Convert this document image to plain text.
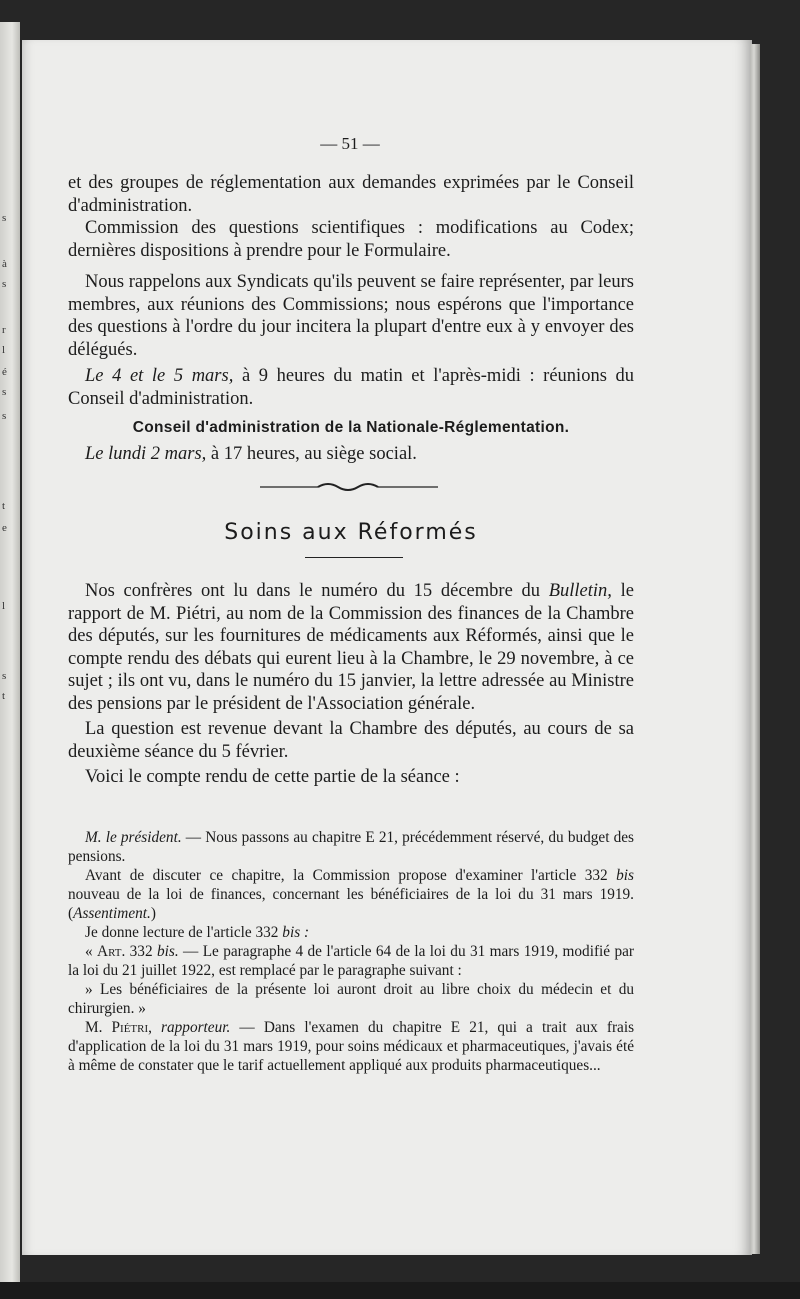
s
à
s
r
l
é
s
s
t
e
l
s
t
— 51 —

et des groupes de réglementation aux demandes exprimées par le Conseil d'administration.

Commission des questions scientifiques : modifications au Codex; dernières dispositions à prendre pour le Formulaire.

Nous rappelons aux Syndicats qu'ils peuvent se faire représenter, par leurs membres, aux réunions des Commissions; nous espérons que l'importance des questions à l'ordre du jour incitera la plupart d'entre eux à y envoyer des délégués.

Le 4 et le 5 mars, à 9 heures du matin et l'après-midi : réunions du Conseil d'administration.

Conseil d'administration de la Nationale-Réglementation.

Le lundi 2 mars, à 17 heures, au siège social.

Soins aux Réformés

Nos confrères ont lu dans le numéro du 15 décembre du Bulletin, le rapport de M. Piétri, au nom de la Commission des finances de la Chambre des députés, sur les fournitures de médicaments aux Réformés, ainsi que le compte rendu des débats qui eurent lieu à la Chambre, le 29 novembre, à ce sujet ; ils ont vu, dans le numéro du 15 janvier, la lettre adressée au Ministre des pensions par le président de l'Association générale.

La question est revenue devant la Chambre des députés, au cours de sa deuxième séance du 5 février.

Voici le compte rendu de cette partie de la séance :

M. le président. — Nous passons au chapitre E 21, précédemment réservé, du budget des pensions.

Avant de discuter ce chapitre, la Commission propose d'examiner l'article 332 bis nouveau de la loi de finances, concernant les bénéficiaires de la loi du 31 mars 1919. (Assentiment.)

Je donne lecture de l'article 332 bis :

« Art. 332 bis. — Le paragraphe 4 de l'article 64 de la loi du 31 mars 1919, modifié par la loi du 21 juillet 1922, est remplacé par le paragraphe suivant :

» Les bénéficiaires de la présente loi auront droit au libre choix du médecin et du chirurgien. »

M. Piétri, rapporteur. — Dans l'examen du chapitre E 21, qui a trait aux frais d'application de la loi du 31 mars 1919, pour soins médicaux et pharmaceutiques, j'avais été à même de constater que le tarif actuellement appliqué aux produits pharmaceutiques...
